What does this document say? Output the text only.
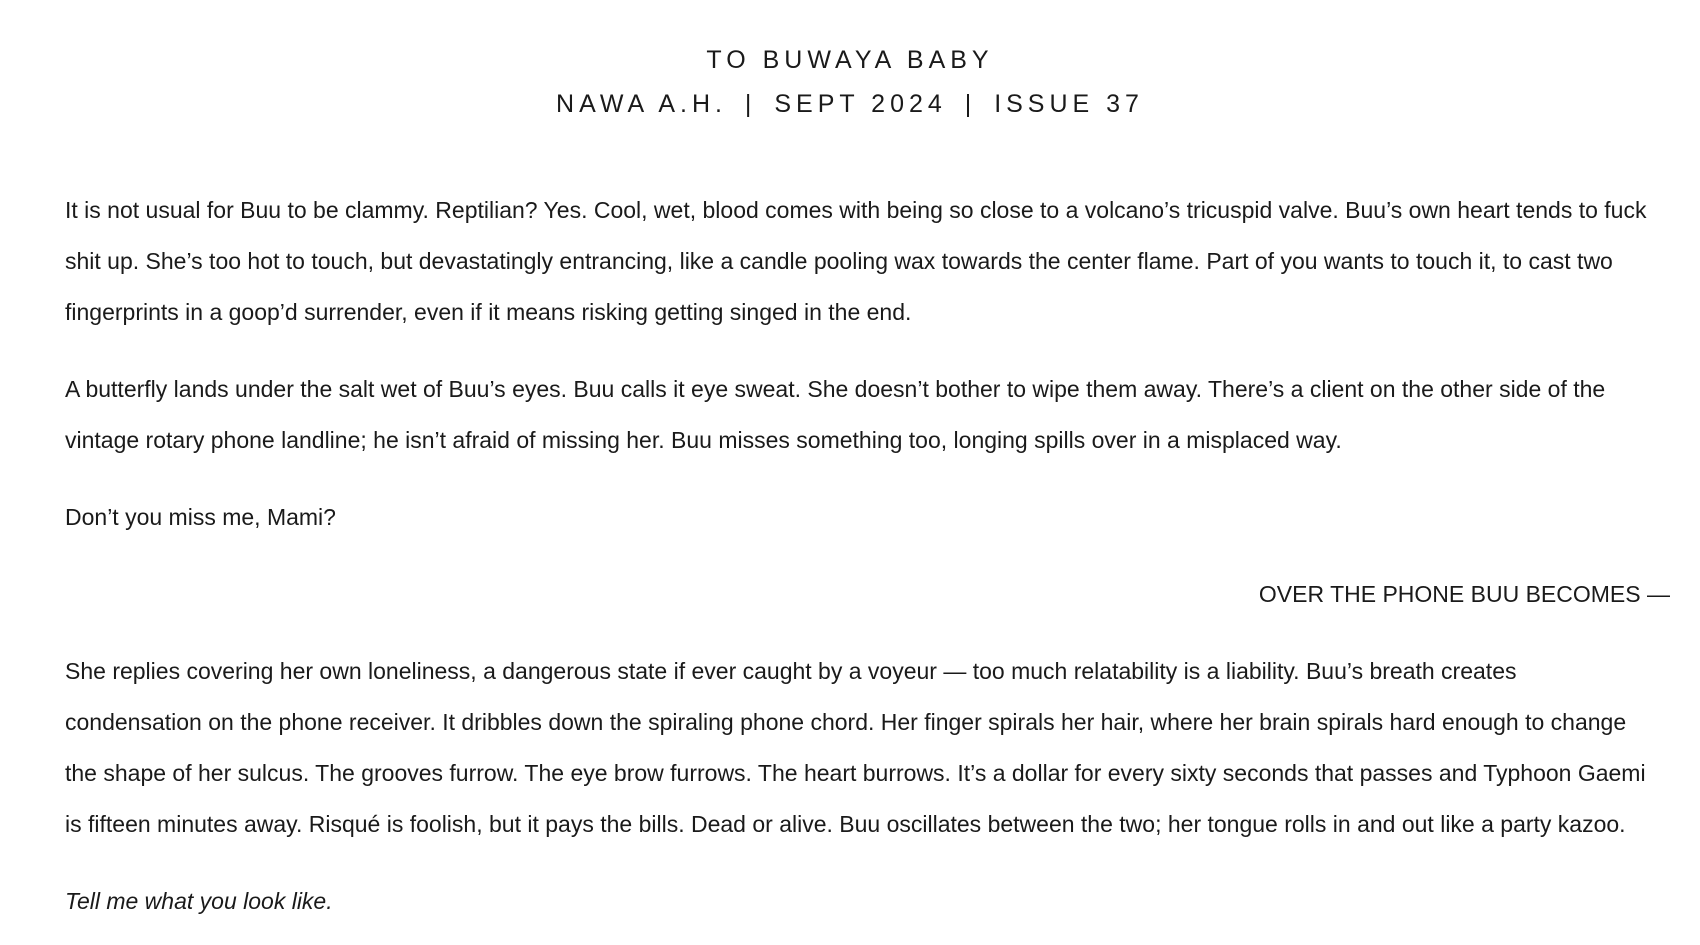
TO BUWAYA BABY
NAWA A.H. | SEPT 2024 | ISSUE 37

It is not usual for Buu to be clammy. Reptilian? Yes. Cool, wet, blood comes with being so close to a volcano’s tricuspid valve. Buu’s own heart tends to fuck shit up. She’s too hot to touch, but devastatingly entrancing, like a candle pooling wax towards the center flame. Part of you wants to touch it, to cast two fingerprints in a goop’d surrender, even if it means risking getting singed in the end.

A butterfly lands under the salt wet of Buu’s eyes. Buu calls it eye sweat. She doesn’t bother to wipe them away. There’s a client on the other side of the vintage rotary phone landline; he isn’t afraid of missing her. Buu misses something too, longing spills over in a misplaced way.

Don’t you miss me, Mami?

OVER THE PHONE BUU BECOMES —

She replies covering her own loneliness, a dangerous state if ever caught by a voyeur — too much relatability is a liability. Buu’s breath creates condensation on the phone receiver. It dribbles down the spiraling phone chord. Her finger spirals her hair, where her brain spirals hard enough to change the shape of her sulcus. The grooves furrow. The eye brow furrows. The heart burrows. It’s a dollar for every sixty seconds that passes and Typhoon Gaemi is fifteen minutes away. Risqué is foolish, but it pays the bills. Dead or alive. Buu oscillates between the two; her tongue rolls in and out like a party kazoo.

Tell me what you look like.
